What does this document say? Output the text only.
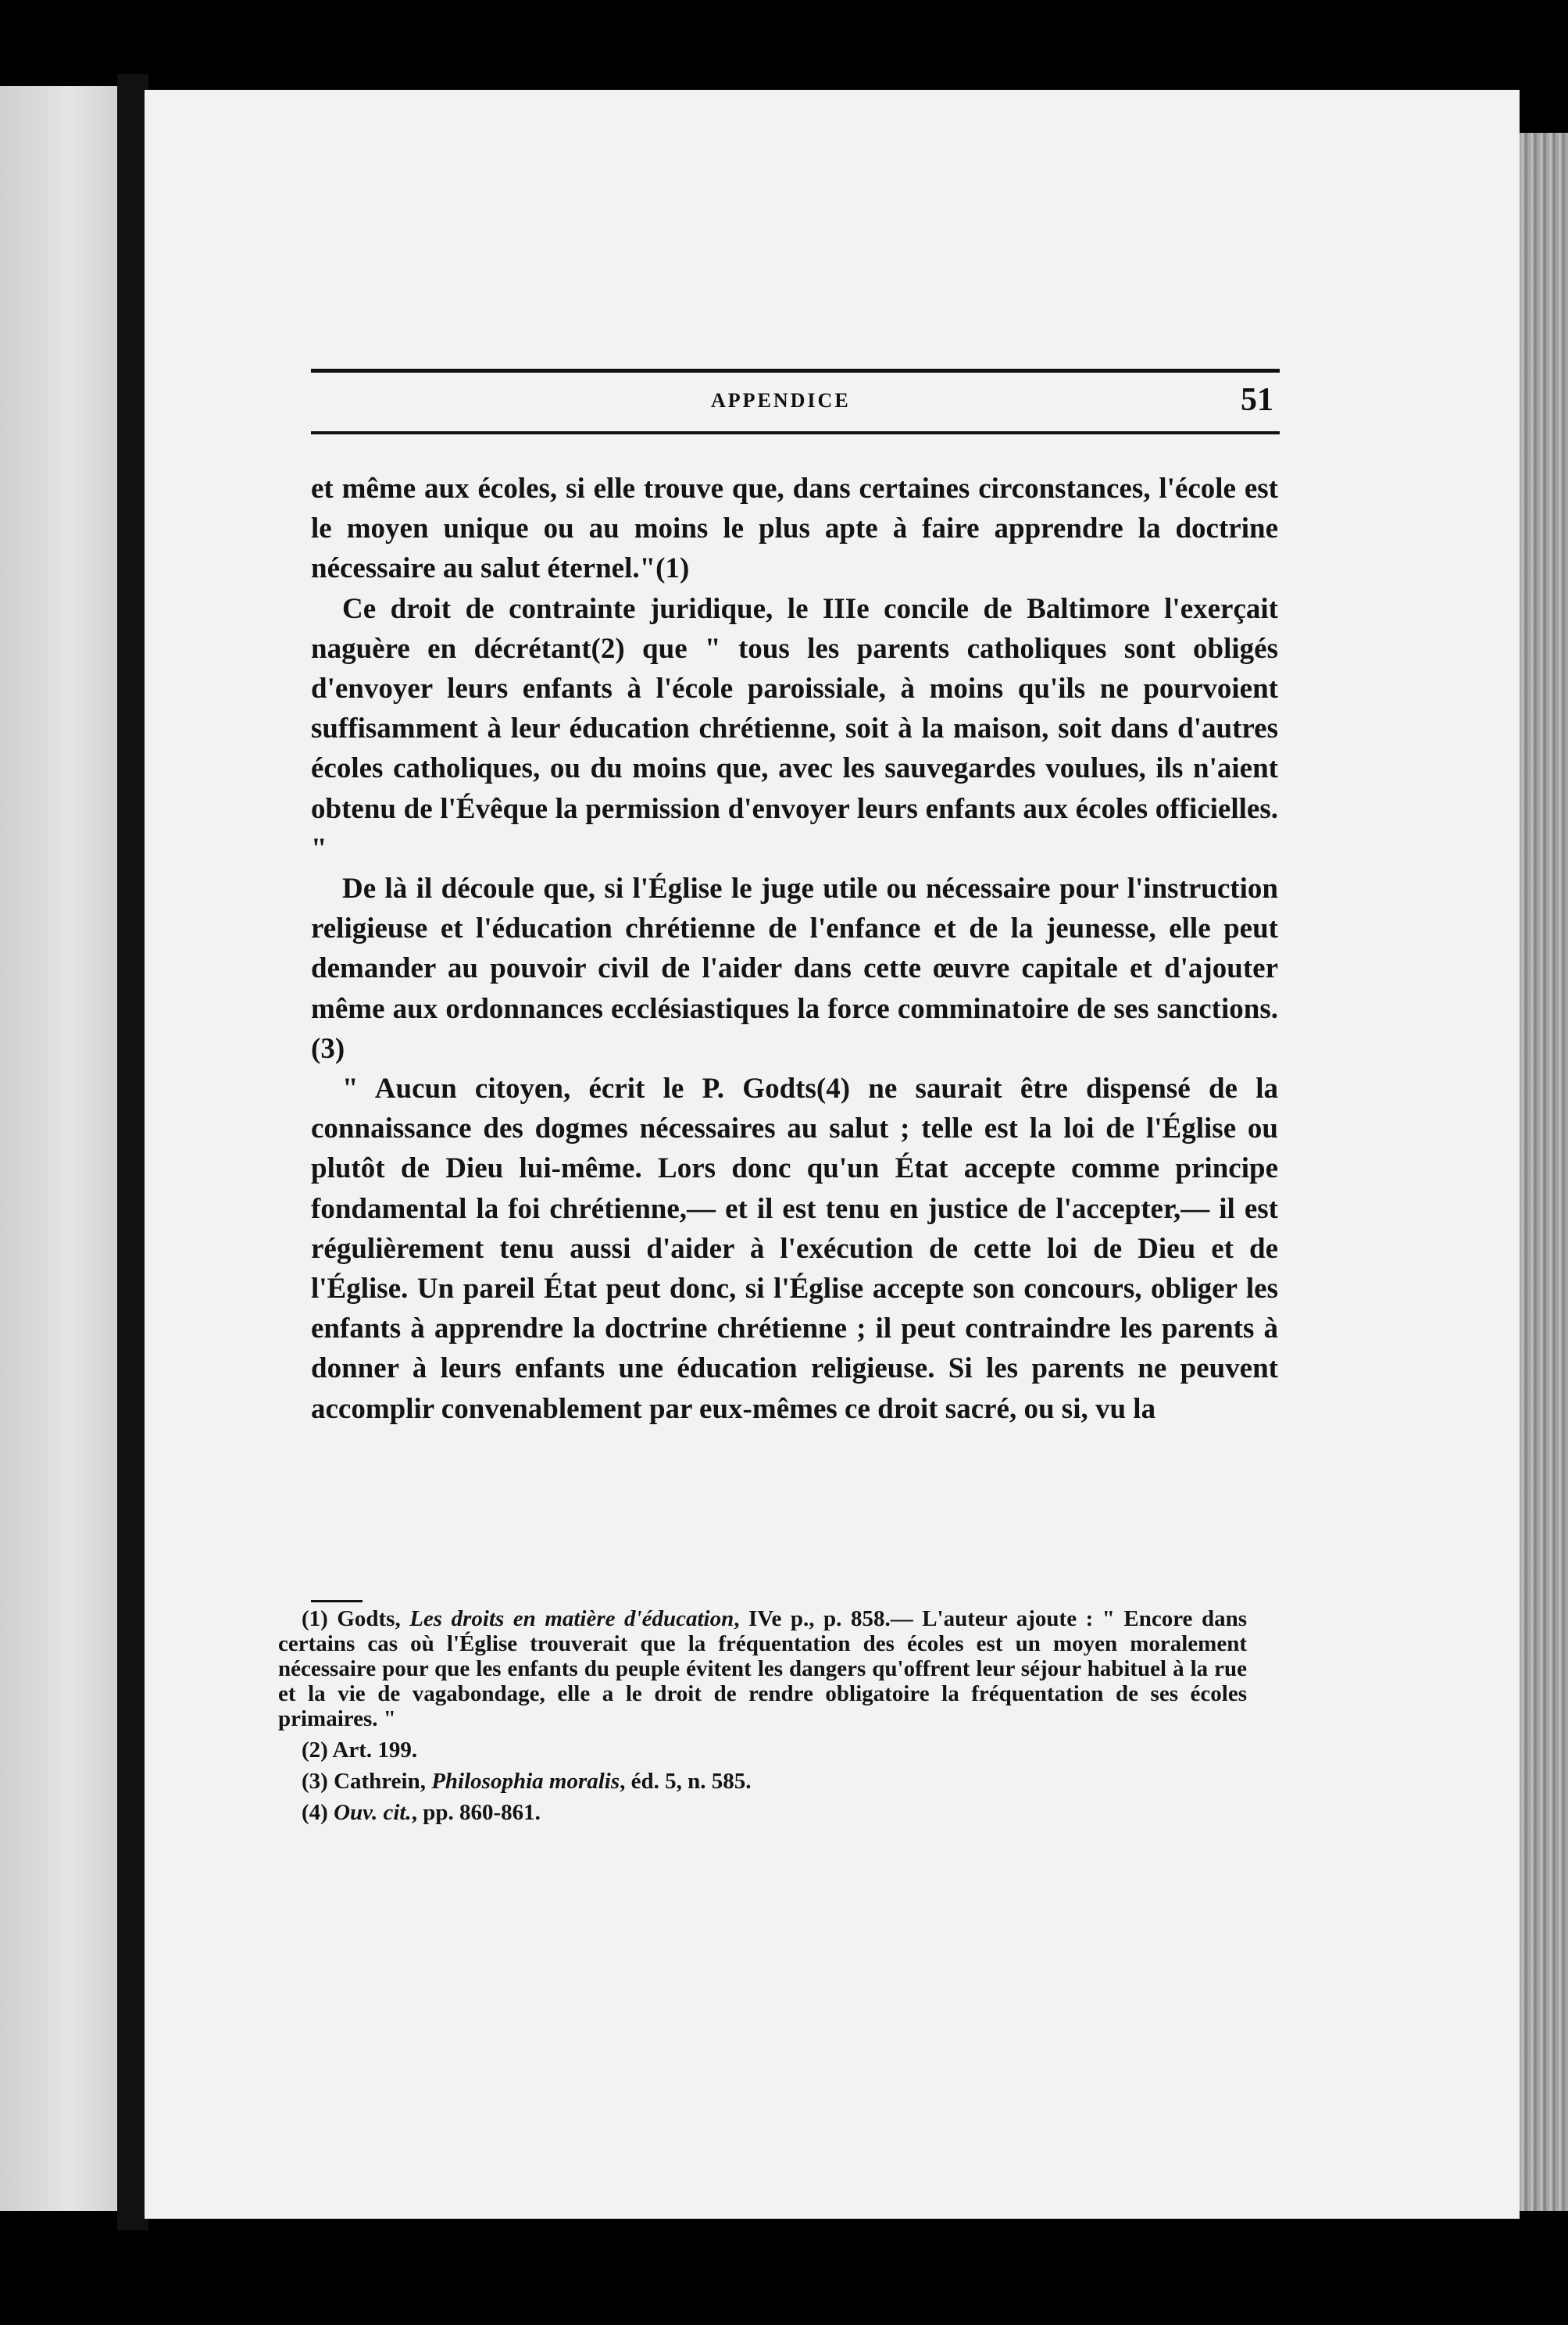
APPENDICE	51

et même aux écoles, si elle trouve que, dans certaines circonstances, l'école est le moyen unique ou au moins le plus apte à faire apprendre la doctrine nécessaire au salut éternel."(1)

Ce droit de contrainte juridique, le IIIe concile de Baltimore l'exerçait naguère en décrétant(2) que " tous les parents catholiques sont obligés d'envoyer leurs enfants à l'école paroissiale, à moins qu'ils ne pourvoient suffisamment à leur éducation chrétienne, soit à la maison, soit dans d'autres écoles catholiques, ou du moins que, avec les sauvegardes voulues, ils n'aient obtenu de l'Évêque la permission d'envoyer leurs enfants aux écoles officielles. "

De là il découle que, si l'Église le juge utile ou nécessaire pour l'instruction religieuse et l'éducation chrétienne de l'enfance et de la jeunesse, elle peut demander au pouvoir civil de l'aider dans cette œuvre capitale et d'ajouter même aux ordonnances ecclésiastiques la force comminatoire de ses sanctions.(3)

" Aucun citoyen, écrit le P. Godts(4) ne saurait être dispensé de la connaissance des dogmes nécessaires au salut ; telle est la loi de l'Église ou plutôt de Dieu lui-même. Lors donc qu'un État accepte comme principe fondamental la foi chrétienne,— et il est tenu en justice de l'accepter,— il est régulièrement tenu aussi d'aider à l'exécution de cette loi de Dieu et de l'Église. Un pareil État peut donc, si l'Église accepte son concours, obliger les enfants à apprendre la doctrine chrétienne ; il peut contraindre les parents à donner à leurs enfants une éducation religieuse. Si les parents ne peuvent accomplir convenablement par eux-mêmes ce droit sacré, ou si, vu la

(1) Godts, Les droits en matière d'éducation, IVe p., p. 858.— L'auteur ajoute : " Encore dans certains cas où l'Église trouverait que la fréquentation des écoles est un moyen moralement nécessaire pour que les enfants du peuple évitent les dangers qu'offrent leur séjour habituel à la rue et la vie de vagabondage, elle a le droit de rendre obligatoire la fréquentation de ses écoles primaires. "

(2) Art. 199.

(3) Cathrein, Philosophia moralis, éd. 5, n. 585.

(4) Ouv. cit., pp. 860-861.
